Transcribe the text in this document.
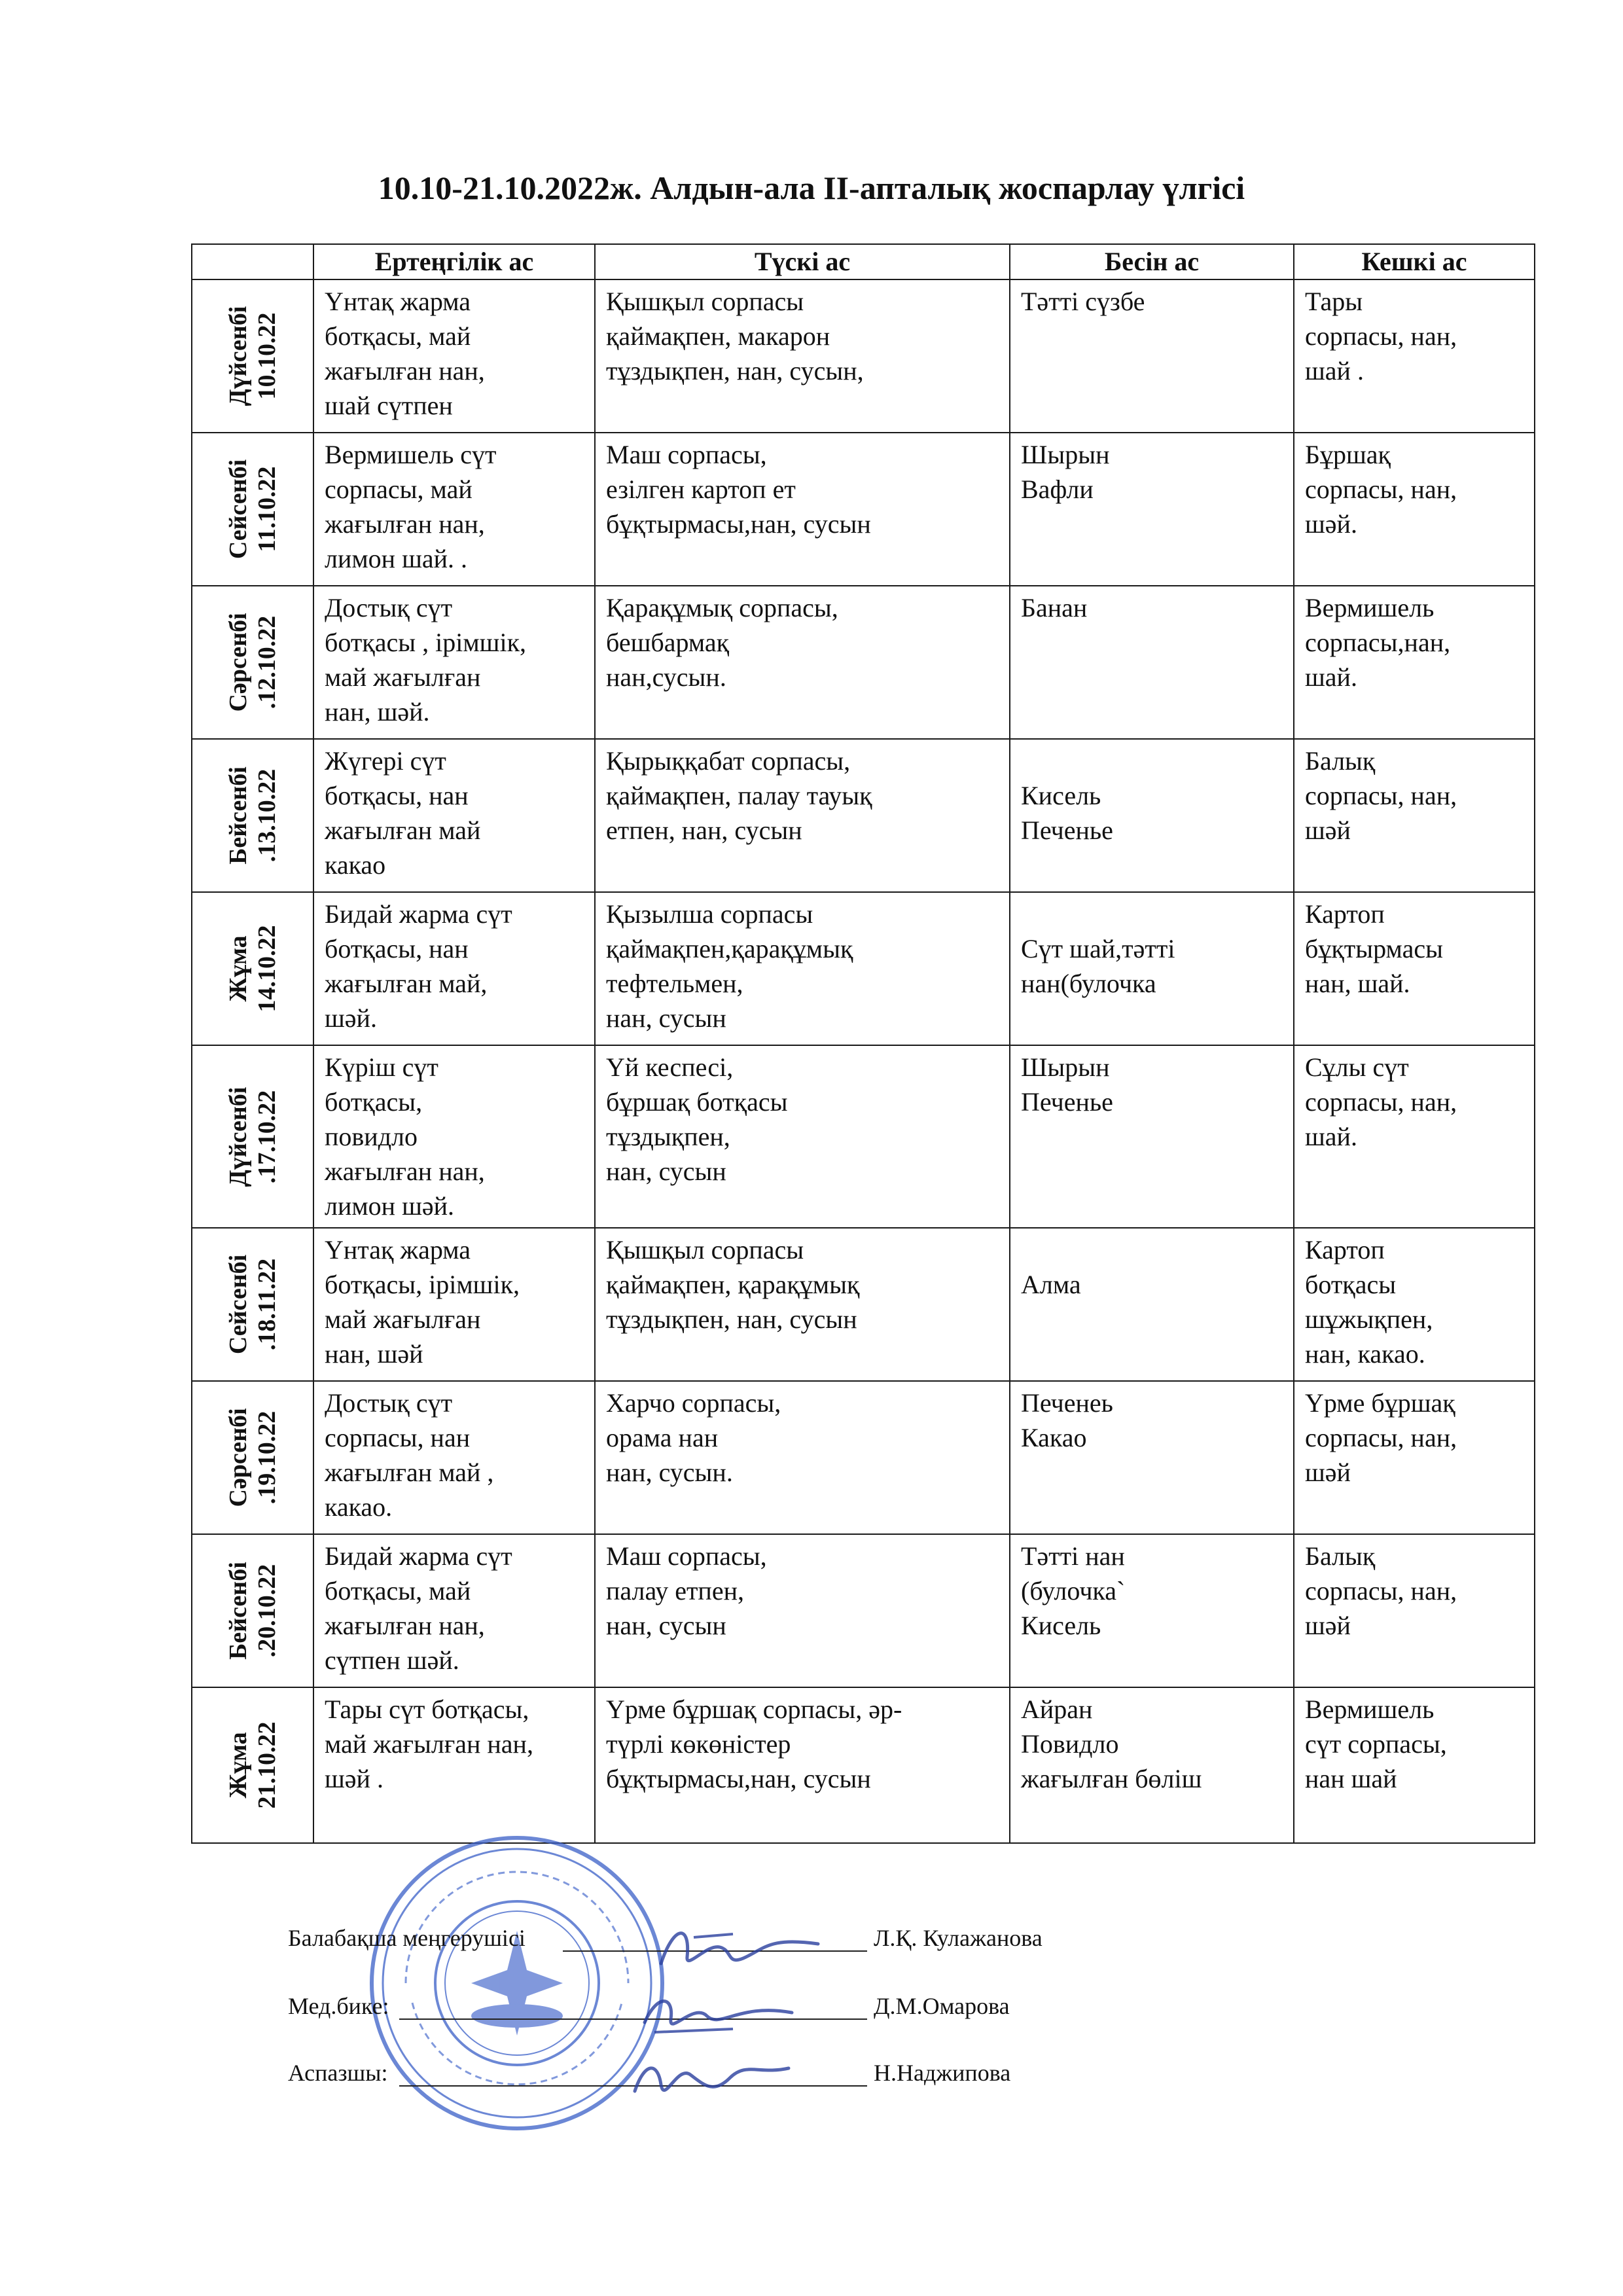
10.10-21.10.2022ж. Алдын-ала II-апталық жоспарлау үлгісі
	Ертеңгілік ас	Түскі ас	Бесін ас	Кешкі ас

Дүйсенбі 10.10.22	Үнтақ жарма
ботқасы, май
жағылған нан,
шай сүтпен	Қышқыл сорпасы
қаймақпен, макарон
тұздықпен, нан, сусын,	Тәтті сүзбе	Тары
сорпасы, нан,
шай .

Сейсенбі 11.10.22	Вермишель сүт
сорпасы, май
жағылған нан,
лимон шай. .	Маш сорпасы,
езілген картоп ет
бұқтырмасы,нан, сусын	Шырын
Вафли	Бұршақ
сорпасы, нан,
шәй.

Сәрсенбі .12.10.22	Достық сүт
ботқасы , ірімшік,
май жағылған
нан, шәй.	Қарақұмық сорпасы,
бешбармақ
нан,сусын.	Банан	Вермишель
сорпасы,нан,
шай.

Бейсенбі .13.10.22	Жүгері сүт
ботқасы, нан
жағылған май
какао	Қырыққабат сорпасы,
қаймақпен, палау тауық
етпен, нан, сусын	
Кисель
Печенье	Балық
сорпасы, нан,
шәй

Жұма 14.10.22	Бидай жарма сүт
ботқасы, нан
жағылған май,
шәй.	Қызылша сорпасы
қаймақпен,қарақұмық
тефтельмен,
нан, сусын	
Сүт шай,тәтті
нан(булочка	Картоп
бұқтырмасы
нан, шай.

Дүйсенбі .17.10.22	Күріш сүт
ботқасы,
повидло
жағылған нан,
лимон шәй.	Үй кеспесі,
бұршақ ботқасы
тұздықпен,
нан, сусын	Шырын
Печенье	Сұлы сүт
сорпасы, нан,
шай.

Сейсенбі .18.11.22	Үнтақ жарма
ботқасы, ірімшік,
май жағылған
нан, шәй	Қышқыл сорпасы
қаймақпен, қарақұмық
тұздықпен, нан, сусын	
Алма	Картоп
ботқасы
шұжықпен,
нан, какао.

Сәрсенбі .19.10.22	Достық сүт
сорпасы, нан
жағылған май ,
какао.	Харчо сорпасы,
орама нан
нан, сусын.	Печенеь
Какао	Үрме бұршақ
сорпасы, нан,
шәй

Бейсенбі .20.10.22	Бидай жарма сүт
ботқасы, май
жағылған нан,
сүтпен шәй.	Маш сорпасы,
палау етпен,
нан, сусын	Тәтті нан
(булочка`
Кисель	Балық
сорпасы, нан,
шәй

Жұма 21.10.22	Тары сүт ботқасы,
май жағылған нан,
шәй .	Үрме бұршақ сорпасы, әр-
түрлі көкөністер
бұқтырмасы,нан, сусын	Айран
Повидло
жағылған бөліш	Вермишель
сүт сорпасы,
нан шай
Балабақша меңгерушісі	Л.Қ. Кулажанова
Мед.бике:	Д.М.Омарова
Аспазшы:	Н.Наджипова
